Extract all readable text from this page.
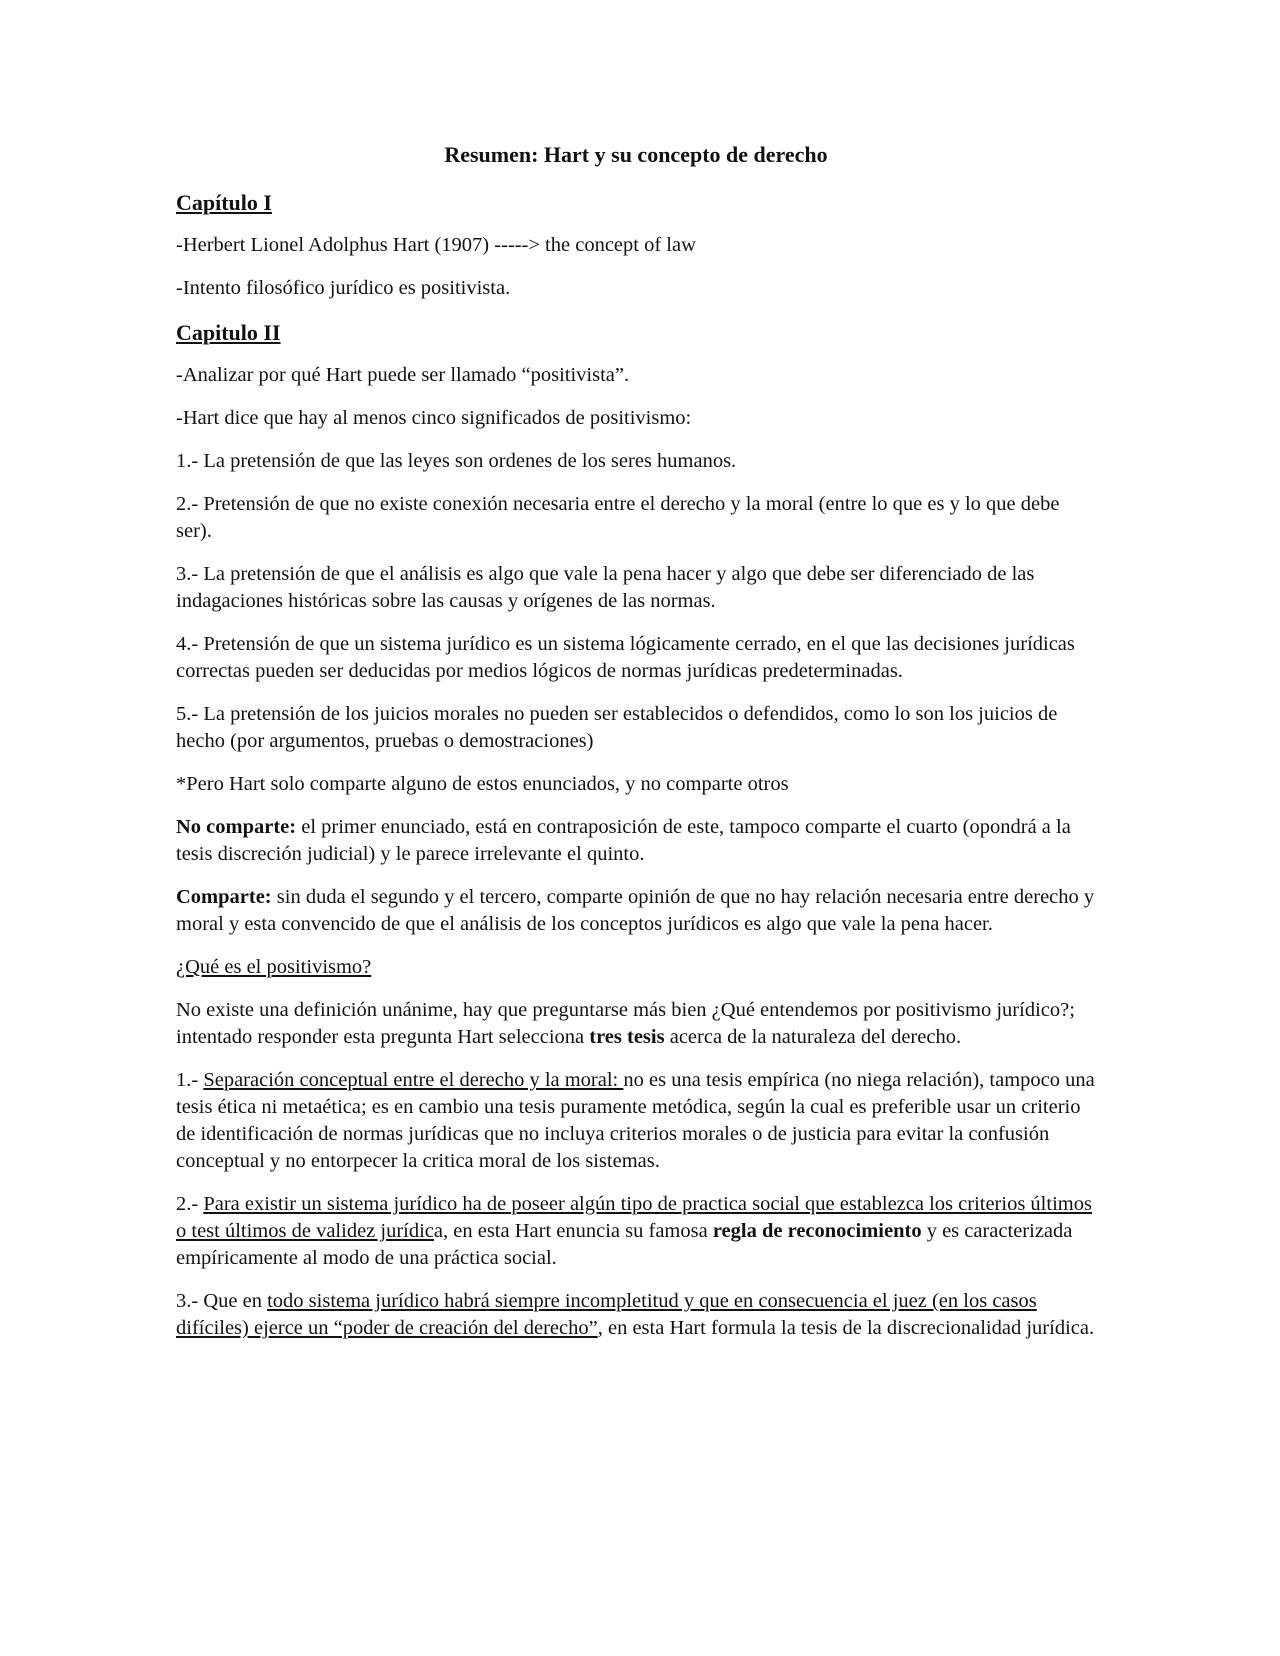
Resumen: Hart y su concepto de derecho
Capítulo I

-Herbert Lionel Adolphus Hart (1907) -----> the concept of law

-Intento filosófico jurídico es positivista.

Capitulo II

-Analizar por qué Hart puede ser llamado “positivista”.

-Hart dice que hay al menos cinco significados de positivismo:

1.- La pretensión de que las leyes son ordenes de los seres humanos.

2.- Pretensión de que no existe conexión necesaria entre el derecho y la moral (entre lo que es y lo que debe ser).

3.- La pretensión de que el análisis es algo que vale la pena hacer y algo que debe ser diferenciado de las indagaciones históricas sobre las causas y orígenes de las normas.

4.- Pretensión de que un sistema jurídico es un sistema lógicamente cerrado, en el que las decisiones jurídicas correctas pueden ser deducidas por medios lógicos de normas jurídicas predeterminadas.

5.- La pretensión de los juicios morales no pueden ser establecidos o defendidos, como lo son los juicios de hecho (por argumentos, pruebas o demostraciones)

*Pero Hart solo comparte alguno de estos enunciados, y no comparte otros

No comparte: el primer enunciado, está en contraposición de este, tampoco comparte el cuarto (opondrá a la tesis discreción judicial) y le parece irrelevante el quinto.

Comparte: sin duda el segundo y el tercero, comparte opinión de que no hay relación necesaria entre derecho y moral y esta convencido de que el análisis de los conceptos jurídicos es algo que vale la pena hacer.

¿Qué es el positivismo?

No existe una definición unánime, hay que preguntarse más bien ¿Qué entendemos por positivismo jurídico?; intentado responder esta pregunta Hart selecciona tres tesis acerca de la naturaleza del derecho.

1.- Separación conceptual entre el derecho y la moral: no es una tesis empírica (no niega relación), tampoco una tesis ética ni metaética; es en cambio una tesis puramente metódica, según la cual es preferible usar un criterio de identificación de normas jurídicas que no incluya criterios morales o de justicia para evitar la confusión conceptual y no entorpecer la critica moral de los sistemas.

2.- Para existir un sistema jurídico ha de poseer algún tipo de practica social que establezca los criterios últimos o test últimos de validez jurídica, en esta Hart enuncia su famosa regla de reconocimiento y es caracterizada empíricamente al modo de una práctica social.

3.- Que en todo sistema jurídico habrá siempre incompletitud y que en consecuencia el juez (en los casos difíciles) ejerce un “poder de creación del derecho”, en esta Hart formula la tesis de la discrecionalidad jurídica.
